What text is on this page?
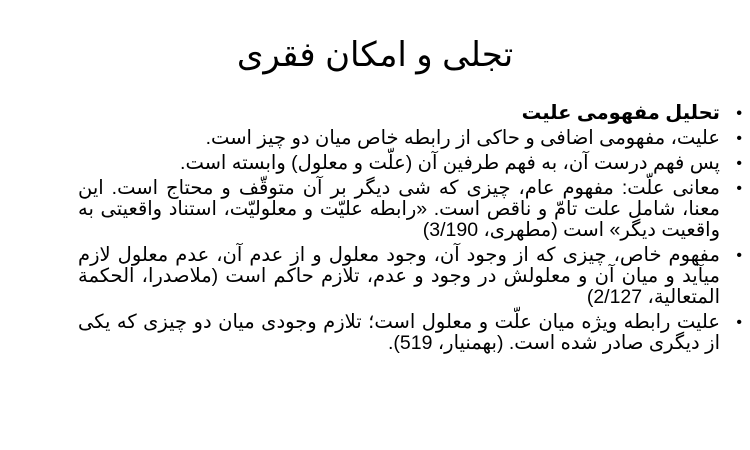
تجلی و امکان فقری
• تحلیل مفهومی علیت
• علیت، مفهومی اضافی و حاکی از رابطه خاص میان دو چیز است.
• پس فهم درست آن، به فهم طرفین آن (علّت و معلول) وابسته است.
• معانی علّت: مفهوم عام، چیزی که شی دیگر بر آن متوقّف و محتاج است. این معنا، شامل علت تامّ و ناقص است. «رابطه علیّت و معلولیّت، استناد واقعیتی به واقعیت دیگر» است (مطهری، 3/190)
• مفهوم خاص، چیزی که از وجود آن، وجود معلول و از عدم آن، عدم معلول لازم میآید و میان آن و معلولش در وجود و عدم، تلازم حاکم است (ملاصدرا، الحکمة المتعالیة، 2/127)
• علیت رابطه ویژه میان علّت و معلول است؛ تلازم وجودی میان دو چیزی که یکی از دیگری صادر شده است. (بهمنیار، 519).
